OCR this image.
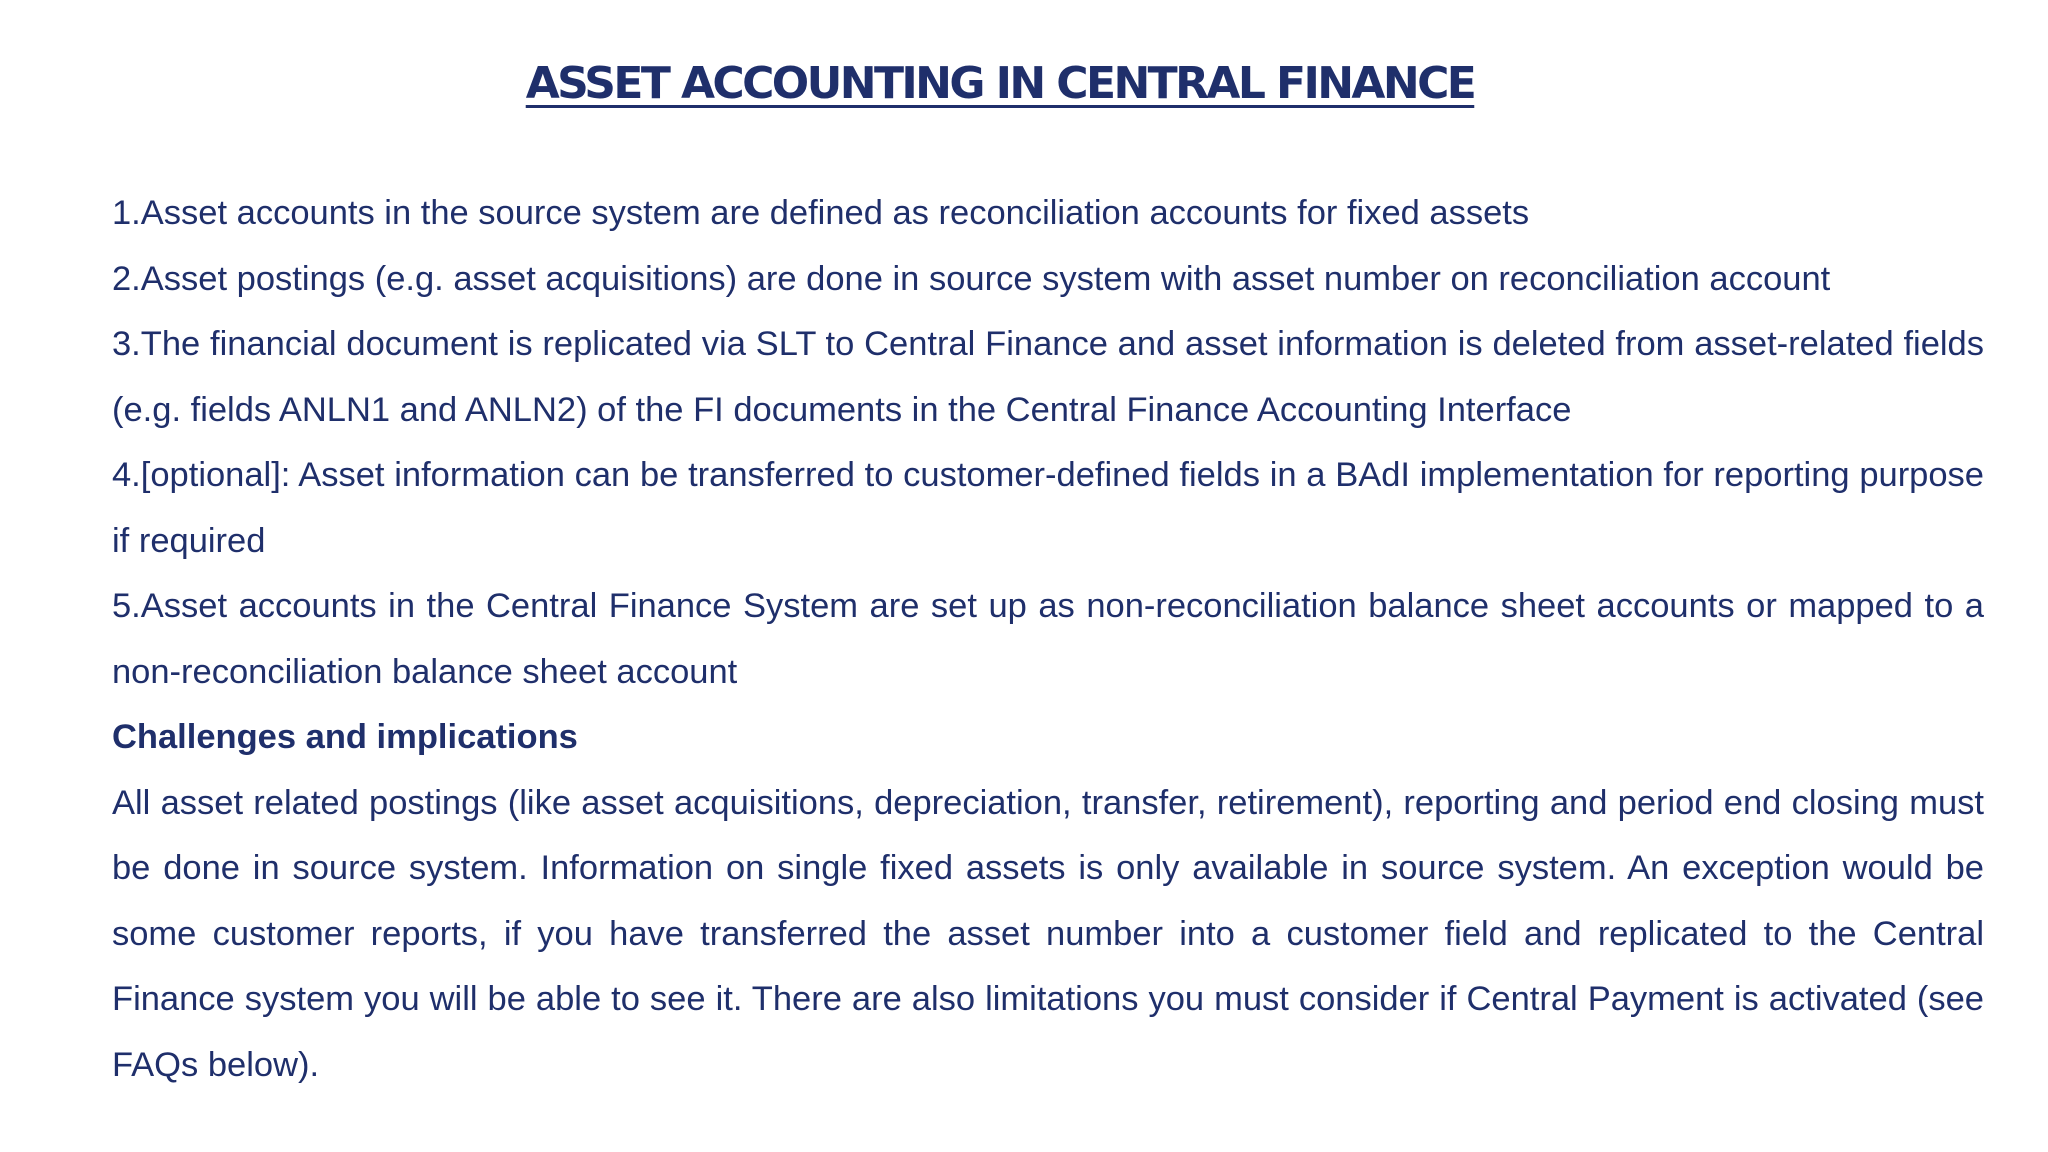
ASSET ACCOUNTING IN CENTRAL FINANCE

1.Asset accounts in the source system are defined as reconciliation accounts for fixed assets

2.Asset postings (e.g. asset acquisitions) are done in source system with asset number on reconciliation account

3.The financial document is replicated via SLT to Central Finance and asset information is deleted from asset-related fields (e.g. fields ANLN1 and ANLN2) of the FI documents in the Central Finance Accounting Interface

4.[optional]: Asset information can be transferred to customer-defined fields in a BAdI implementation for reporting purpose if required

5.Asset accounts in the Central Finance System are set up as non-reconciliation balance sheet accounts or mapped to a non-reconciliation balance sheet account

Challenges and implications

All asset related postings (like asset acquisitions, depreciation, transfer, retirement), reporting and period end closing must be done in source system. Information on single fixed assets is only available in source system. An exception would be some customer reports, if you have transferred the asset number into a customer field and replicated to the Central Finance system you will be able to see it. There are also limitations you must consider if Central Payment is activated (see FAQs below).
